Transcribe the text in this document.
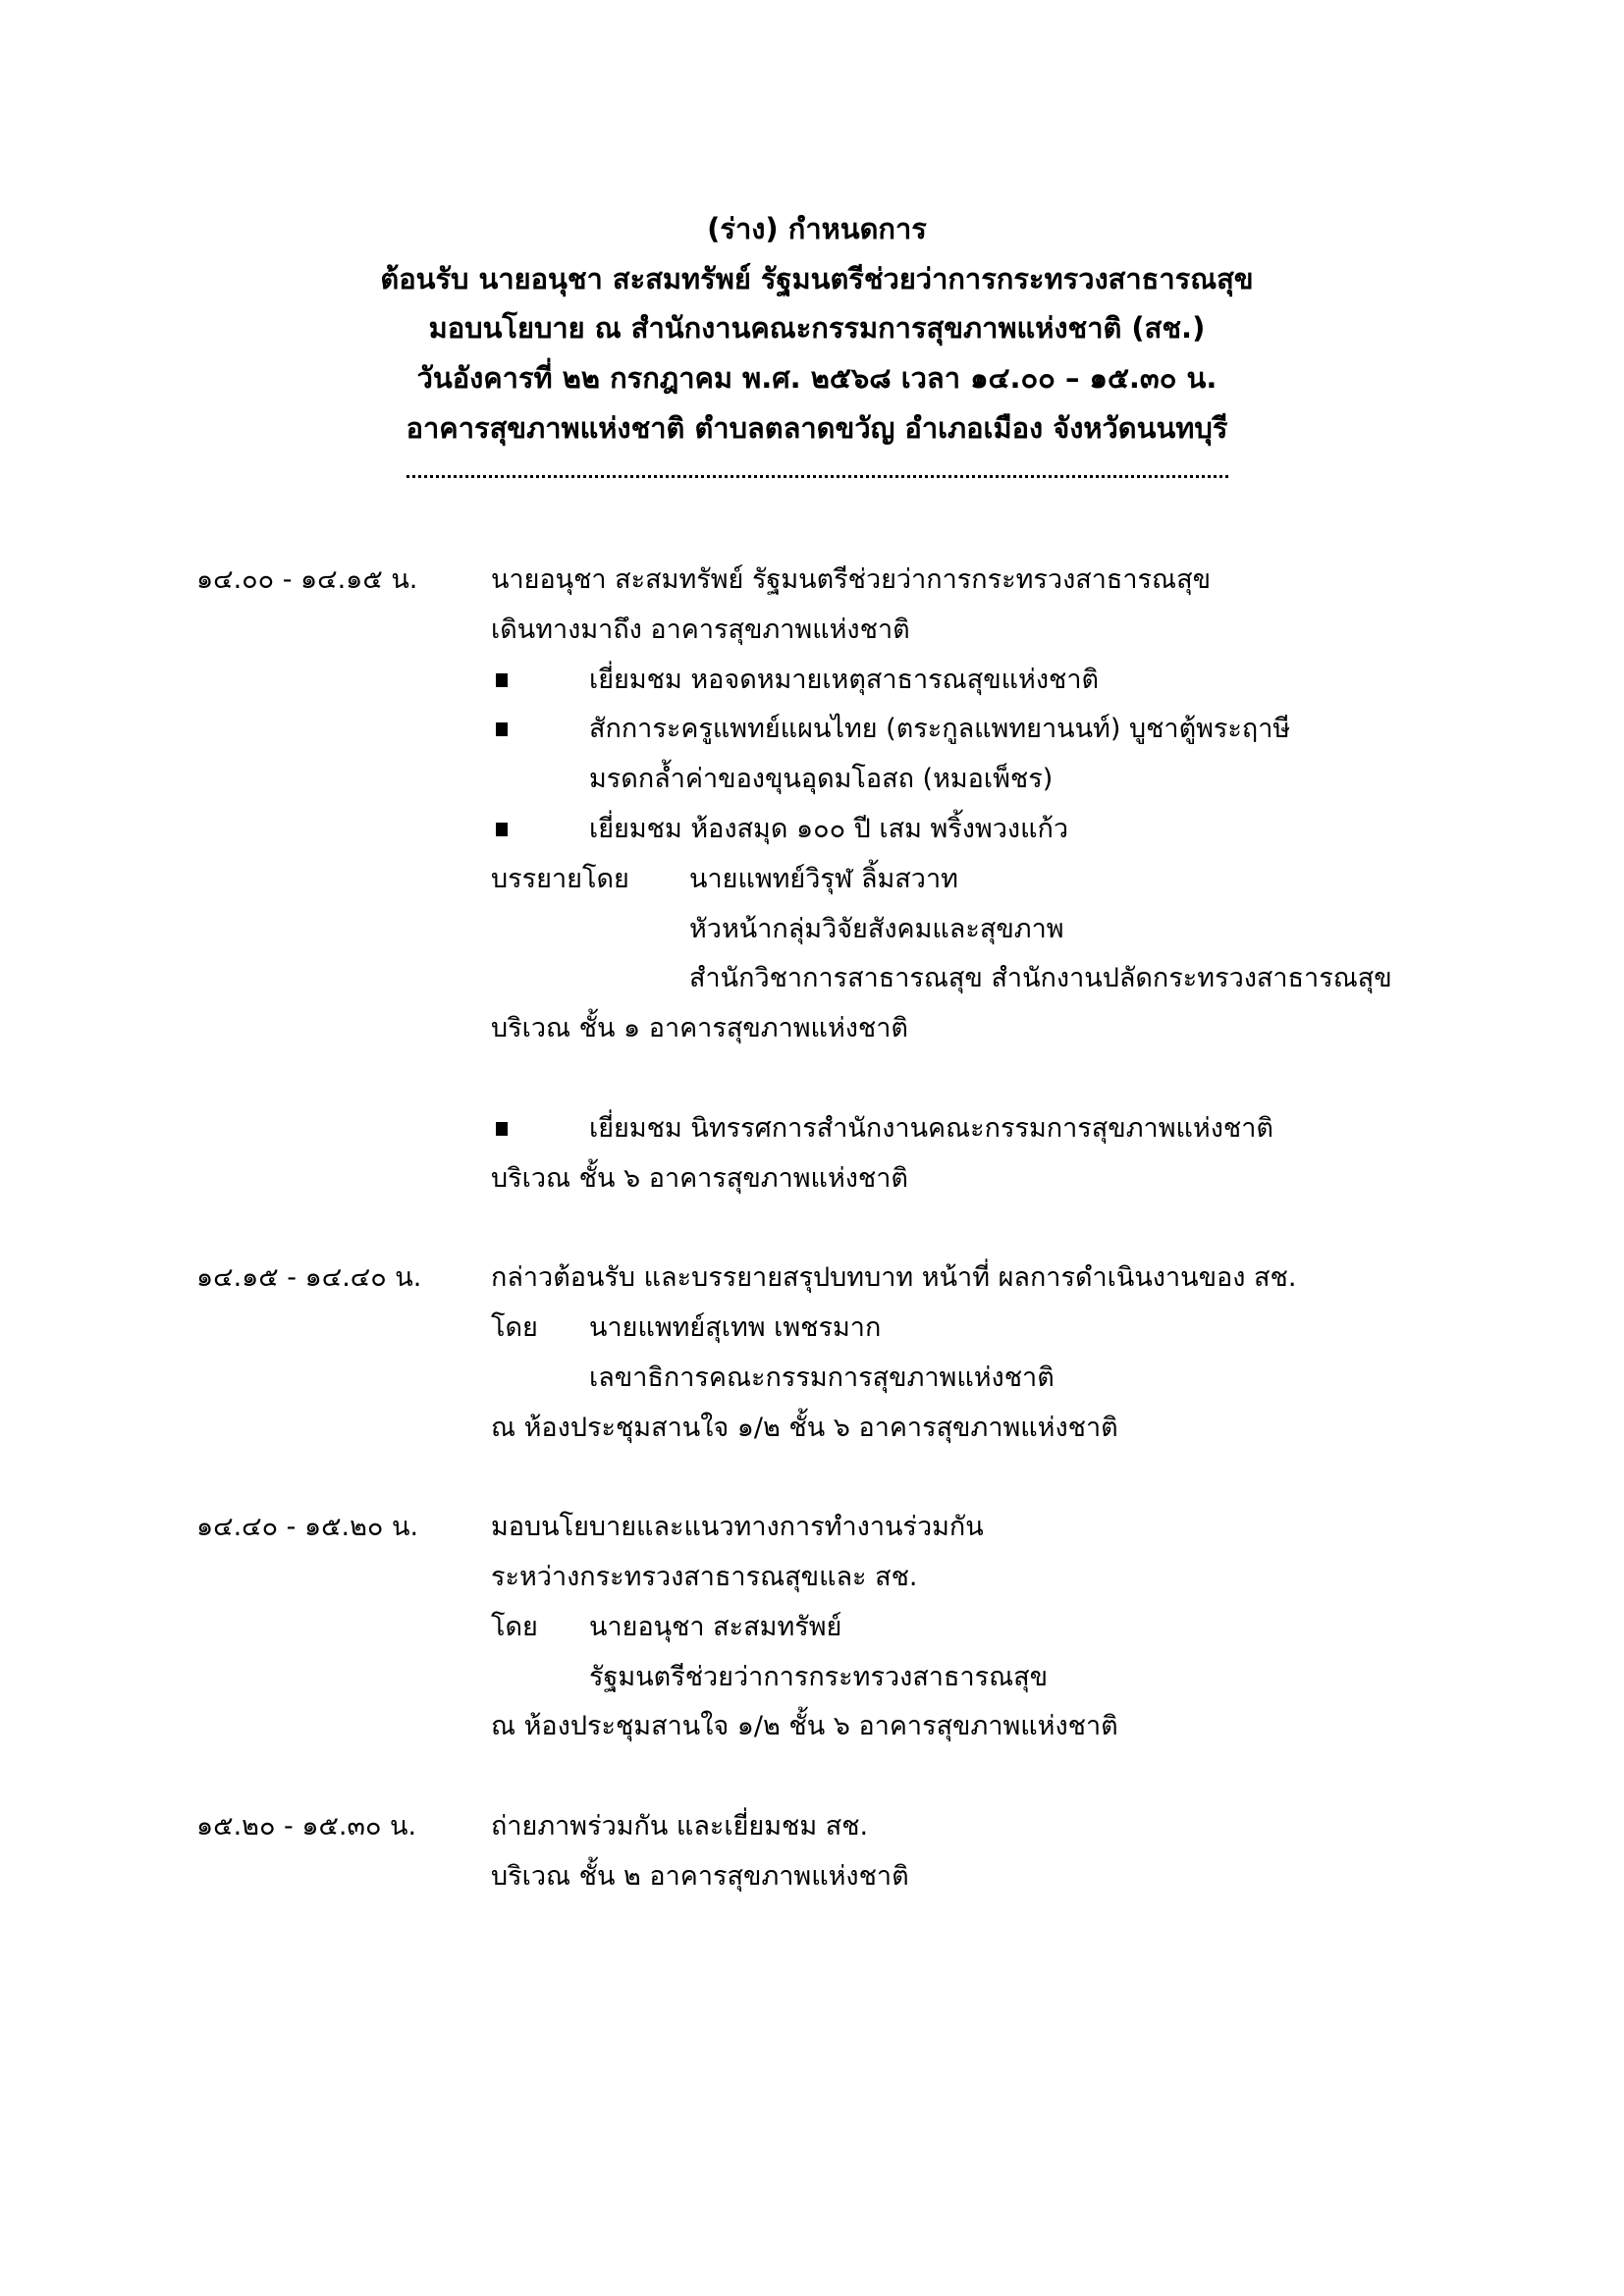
(ร่าง) กำหนดการ
ต้อนรับ นายอนุชา สะสมทรัพย์ รัฐมนตรีช่วยว่าการกระทรวงสาธารณสุข
มอบนโยบาย ณ สำนักงานคณะกรรมการสุขภาพแห่งชาติ (สช.)
วันอังคารที่ ๒๒ กรกฎาคม พ.ศ. ๒๕๖๘ เวลา ๑๔.๐๐ – ๑๕.๓๐ น.
อาคารสุขภาพแห่งชาติ ตำบลตลาดขวัญ อำเภอเมือง จังหวัดนนทบุรี
๑๔.๐๐ - ๑๔.๑๕ น.	นายอนุชา สะสมทรัพย์ รัฐมนตรีช่วยว่าการกระทรวงสาธารณสุข
เดินทางมาถึง อาคารสุขภาพแห่งชาติ
เยี่ยมชม หอจดหมายเหตุสาธารณสุขแห่งชาติ
สักการะครูแพทย์แผนไทย (ตระกูลแพทยานนท์) บูชาตู้พระฤาษี
มรดกล้ำค่าของขุนอุดมโอสถ (หมอเพ็ชร)
เยี่ยมชม ห้องสมุด ๑๐๐ ปี เสม พริ้งพวงแก้ว
บรรยายโดย นายแพทย์วิรุฬ ลิ้มสวาท
หัวหน้ากลุ่มวิจัยสังคมและสุขภาพ
สำนักวิชาการสาธารณสุข สำนักงานปลัดกระทรวงสาธารณสุข
บริเวณ ชั้น ๑ อาคารสุขภาพแห่งชาติ
เยี่ยมชม นิทรรศการสำนักงานคณะกรรมการสุขภาพแห่งชาติ
บริเวณ ชั้น ๖ อาคารสุขภาพแห่งชาติ
๑๔.๑๕ - ๑๔.๔๐ น.	กล่าวต้อนรับ และบรรยายสรุปบทบาท หน้าที่ ผลการดำเนินงานของ สช.
โดย นายแพทย์สุเทพ เพชรมาก
เลขาธิการคณะกรรมการสุขภาพแห่งชาติ
ณ ห้องประชุมสานใจ ๑/๒ ชั้น ๖ อาคารสุขภาพแห่งชาติ
๑๔.๔๐ - ๑๕.๒๐ น.	มอบนโยบายและแนวทางการทำงานร่วมกัน
ระหว่างกระทรวงสาธารณสุขและ สช.
โดย นายอนุชา สะสมทรัพย์
รัฐมนตรีช่วยว่าการกระทรวงสาธารณสุข
ณ ห้องประชุมสานใจ ๑/๒ ชั้น ๖ อาคารสุขภาพแห่งชาติ
๑๕.๒๐ - ๑๕.๓๐ น.	ถ่ายภาพร่วมกัน และเยี่ยมชม สช.
บริเวณ ชั้น ๒ อาคารสุขภาพแห่งชาติ
